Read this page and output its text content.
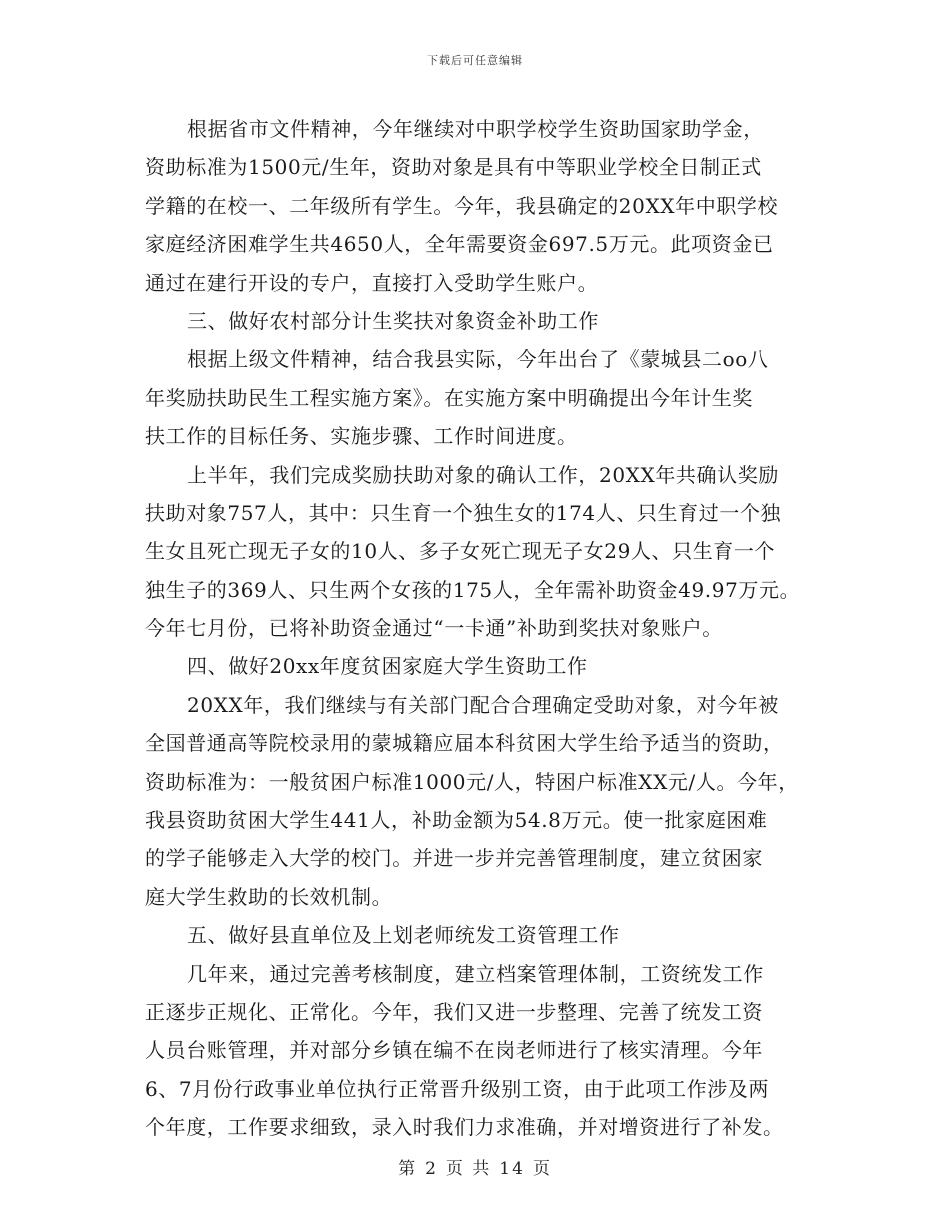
下载后可任意编辑
根据省市文件精神，今年继续对中职学校学生资助国家助学金，
资助标准为1500元/生年，资助对象是具有中等职业学校全日制正式
学籍的在校一、二年级所有学生。今年，我县确定的20XX年中职学校
家庭经济困难学生共4650人，全年需要资金697.5万元。此项资金已
通过在建行开设的专户，直接打入受助学生账户。
三、做好农村部分计生奖扶对象资金补助工作
根据上级文件精神，结合我县实际，今年出台了《蒙城县二oo八
年奖励扶助民生工程实施方案》。在实施方案中明确提出今年计生奖
扶工作的目标任务、实施步骤、工作时间进度。
上半年，我们完成奖励扶助对象的确认工作，20XX年共确认奖励
扶助对象757人，其中：只生育一个独生女的174人、只生育过一个独
生女且死亡现无子女的10人、多子女死亡现无子女29人、只生育一个
独生子的369人、只生两个女孩的175人，全年需补助资金49.97万元。
今年七月份，已将补助资金通过“一卡通”补助到奖扶对象账户。
四、做好20xx年度贫困家庭大学生资助工作
20XX年，我们继续与有关部门配合合理确定受助对象，对今年被
全国普通高等院校录用的蒙城籍应届本科贫困大学生给予适当的资助，
资助标准为：一般贫困户标准1000元/人，特困户标准XX元/人。今年，
我县资助贫困大学生441人，补助金额为54.8万元。使一批家庭困难
的学子能够走入大学的校门。并进一步并完善管理制度，建立贫困家
庭大学生救助的长效机制。
五、做好县直单位及上划老师统发工资管理工作
几年来，通过完善考核制度，建立档案管理体制，工资统发工作
正逐步正规化、正常化。今年，我们又进一步整理、完善了统发工资
人员台账管理，并对部分乡镇在编不在岗老师进行了核实清理。今年
6、7月份行政事业单位执行正常晋升级别工资，由于此项工作涉及两
个年度，工作要求细致，录入时我们力求准确，并对增资进行了补发。
第 2 页 共 14 页
